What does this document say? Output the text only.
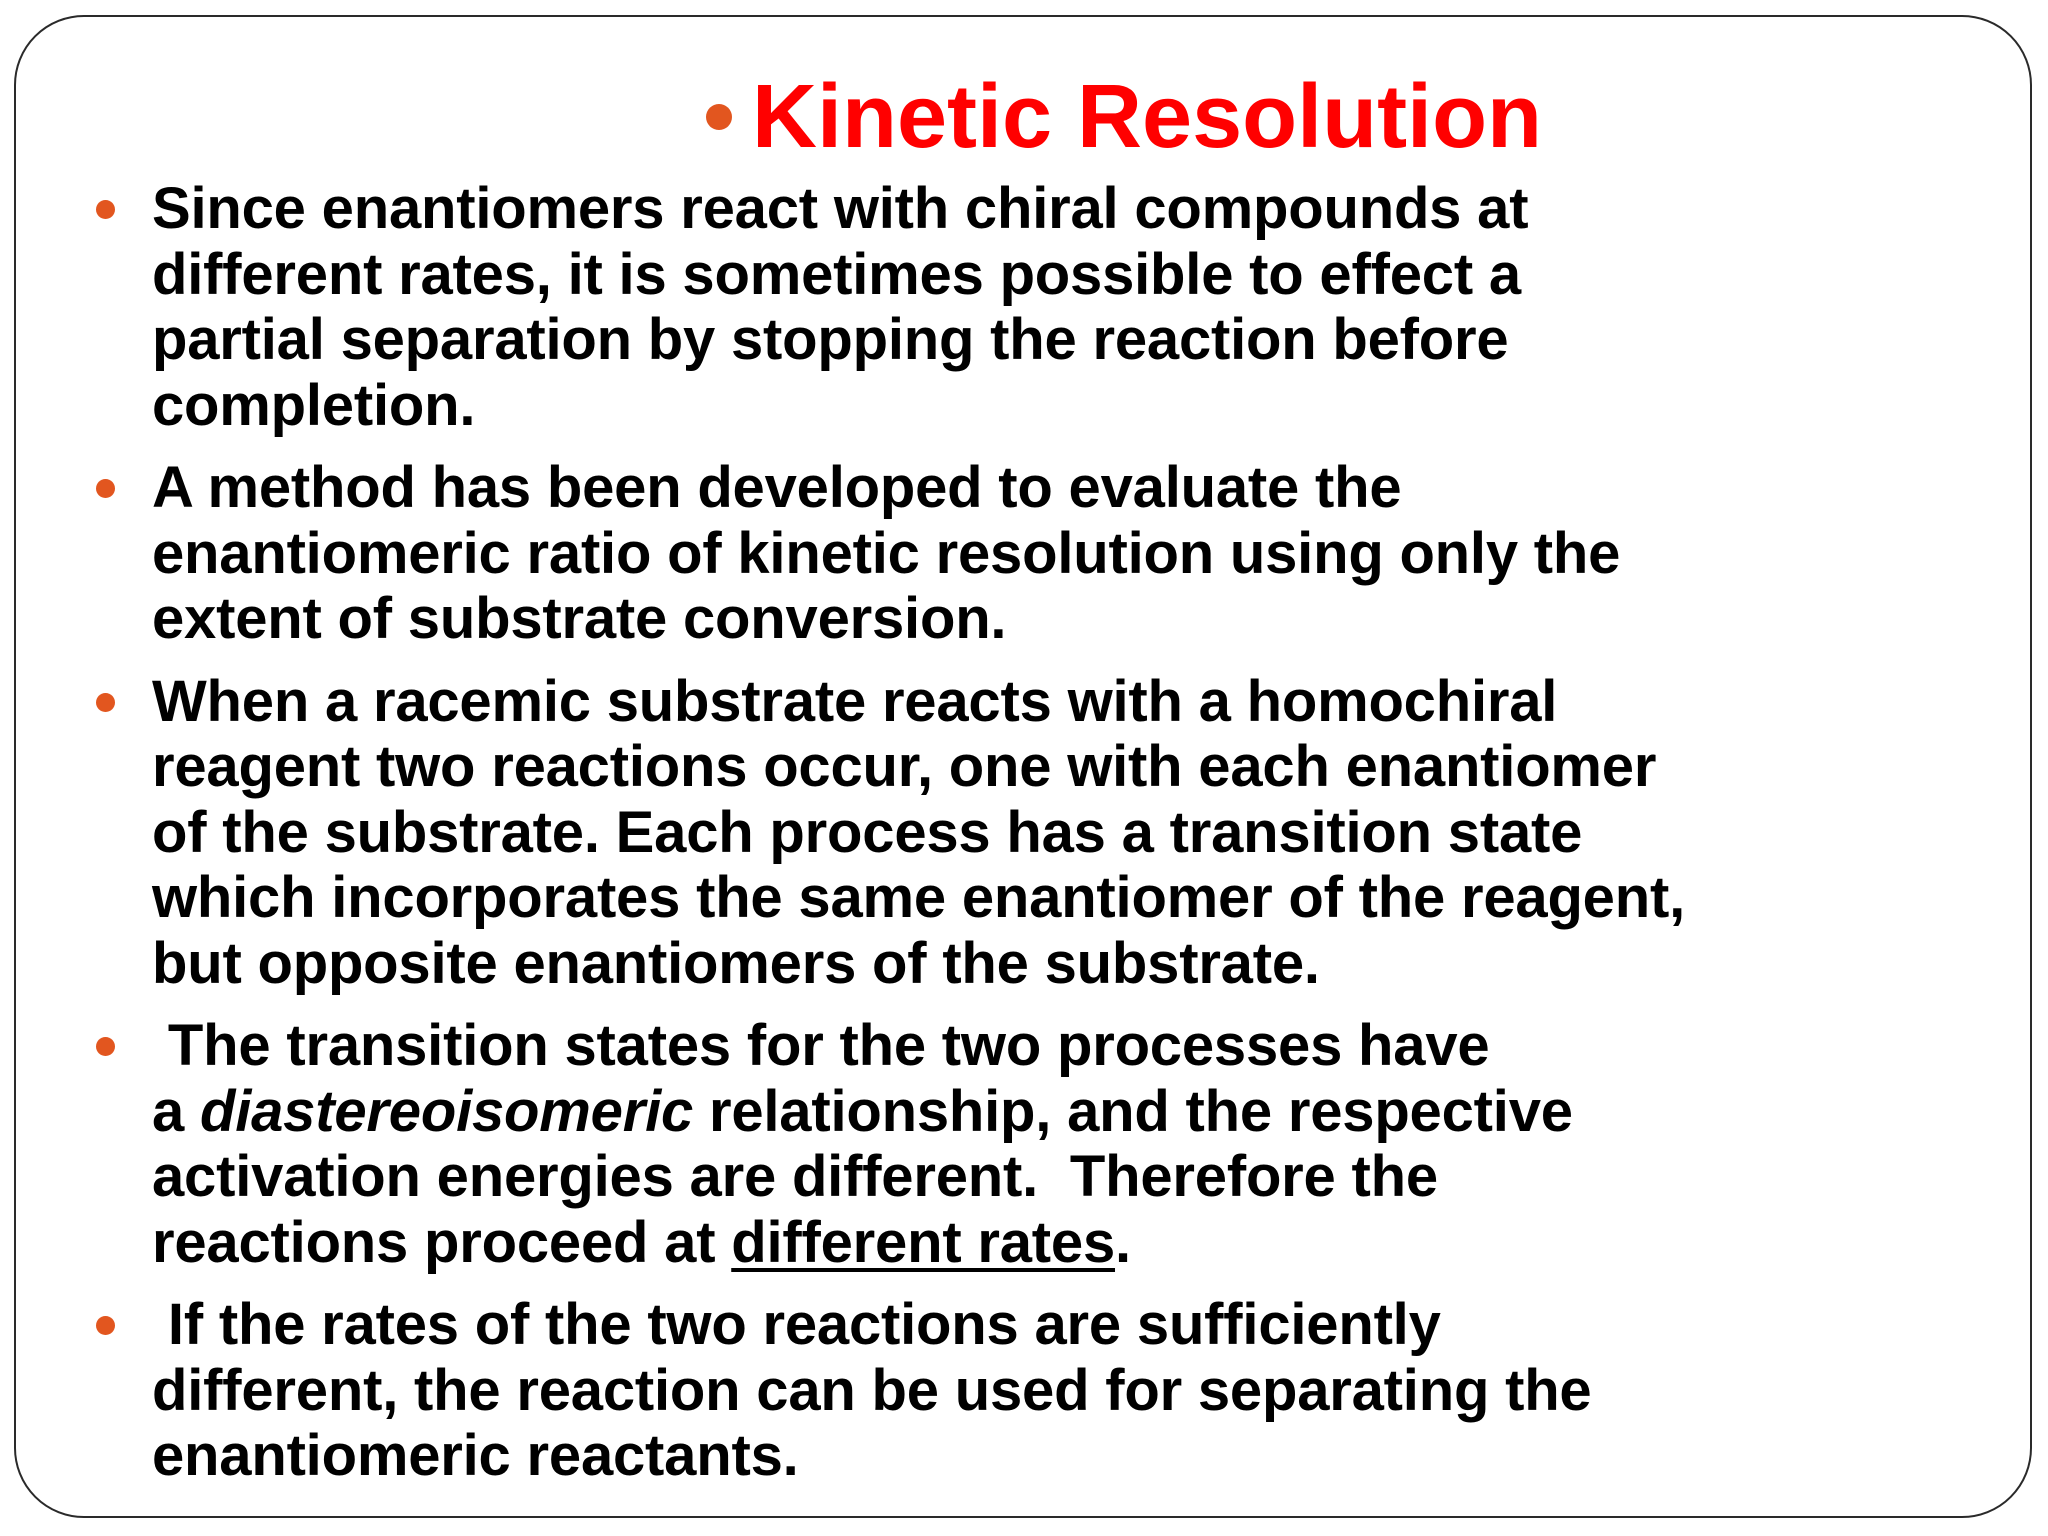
Kinetic Resolution
Since enantiomers react with chiral compounds at
different rates, it is sometimes possible to effect a
partial separation by stopping the reaction before
completion.
A method has been developed to evaluate the
enantiomeric ratio of kinetic resolution using only the
extent of substrate conversion.
When a racemic substrate reacts with a homochiral
reagent two reactions occur, one with each enantiomer
of the substrate. Each process has a transition state
which incorporates the same enantiomer of the reagent,
but opposite enantiomers of the substrate.
The transition states for the two processes have
a diastereoisomeric relationship, and the respective
activation energies are different.  Therefore the
reactions proceed at different rates.
If the rates of the two reactions are sufficiently
different, the reaction can be used for separating the
enantiomeric reactants.
